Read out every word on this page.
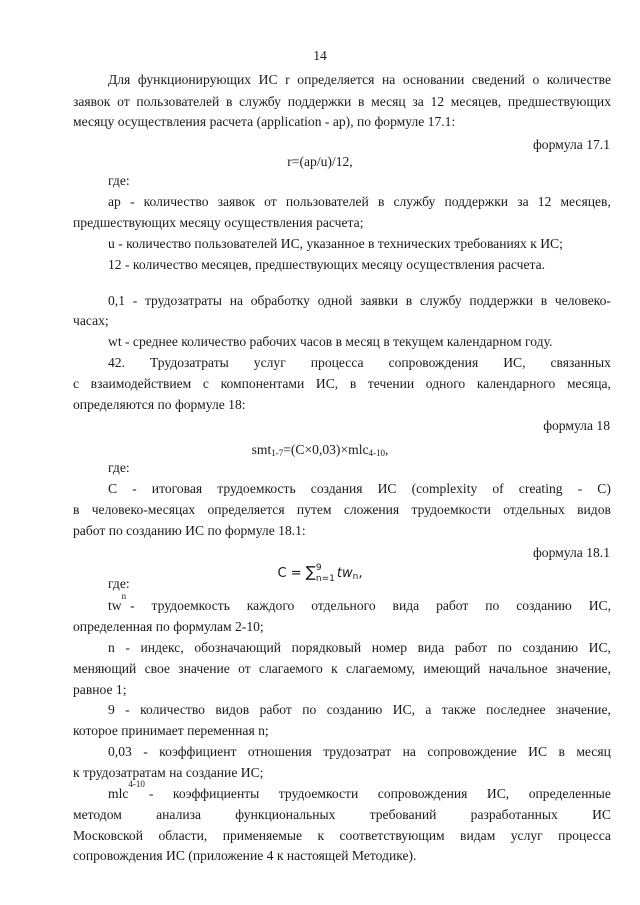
14
Для функционирующих ИС r определяется на основании сведений о количестве
заявок от пользователей в службу поддержки в месяц за 12 месяцев, предшествующих
месяцу осуществления расчета (application - ap), по формуле 17.1:
формула 17.1
r=(ap/u)/12,
где:
ap - количество заявок от пользователей в службу поддержки за 12 месяцев,
предшествующих месяцу осуществления расчета;
u - количество пользователей ИС, указанное в технических требованиях к ИС;
12 - количество месяцев, предшествующих месяцу осуществления расчета.
0,1 - трудозатраты на обработку одной заявки в службу поддержки в человеко-
часах;
wt - среднее количество рабочих часов в месяц в текущем календарном году.
42. Трудозатраты услуг процесса сопровождения ИС, связанных
с взаимодействием с компонентами ИС, в течении одного календарного месяца,
определяются по формуле 18:
формула 18
smt$_{1-7}$=(C×0,03)×mlc$_{4-10}$,
где:
C - итоговая трудоемкость создания ИС (complexity of creating - C)
в человеко-месяцах определяется путем сложения трудоемкости отдельных видов
работ по созданию ИС по формуле 18.1:
формула 18.1
C = ∑ 9
n=1 $tw_n$,
где:
tw
n
- трудоемкость каждого отдельного вида работ по созданию ИС,
определенная по формулам 2-10;
n - индекс, обозначающий порядковый номер вида работ по созданию ИС,
меняющий свое значение от слагаемого к слагаемому, имеющий начальное значение,
равное 1;
9 - количество видов работ по созданию ИС, а также последнее значение,
которое принимает переменная n;
0,03 - коэффициент отношения трудозатрат на сопровождение ИС в месяц
к трудозатратам на создание ИС;
mlc
4-10
- коэффициенты трудоемкости сопровождения ИС, определенные
методом	анализа	функциональных	требований	разработанных	ИС
Московской области, применяемые к соответствующим видам услуг процесса
сопровождения ИС (приложение 4 к настоящей Методике).
